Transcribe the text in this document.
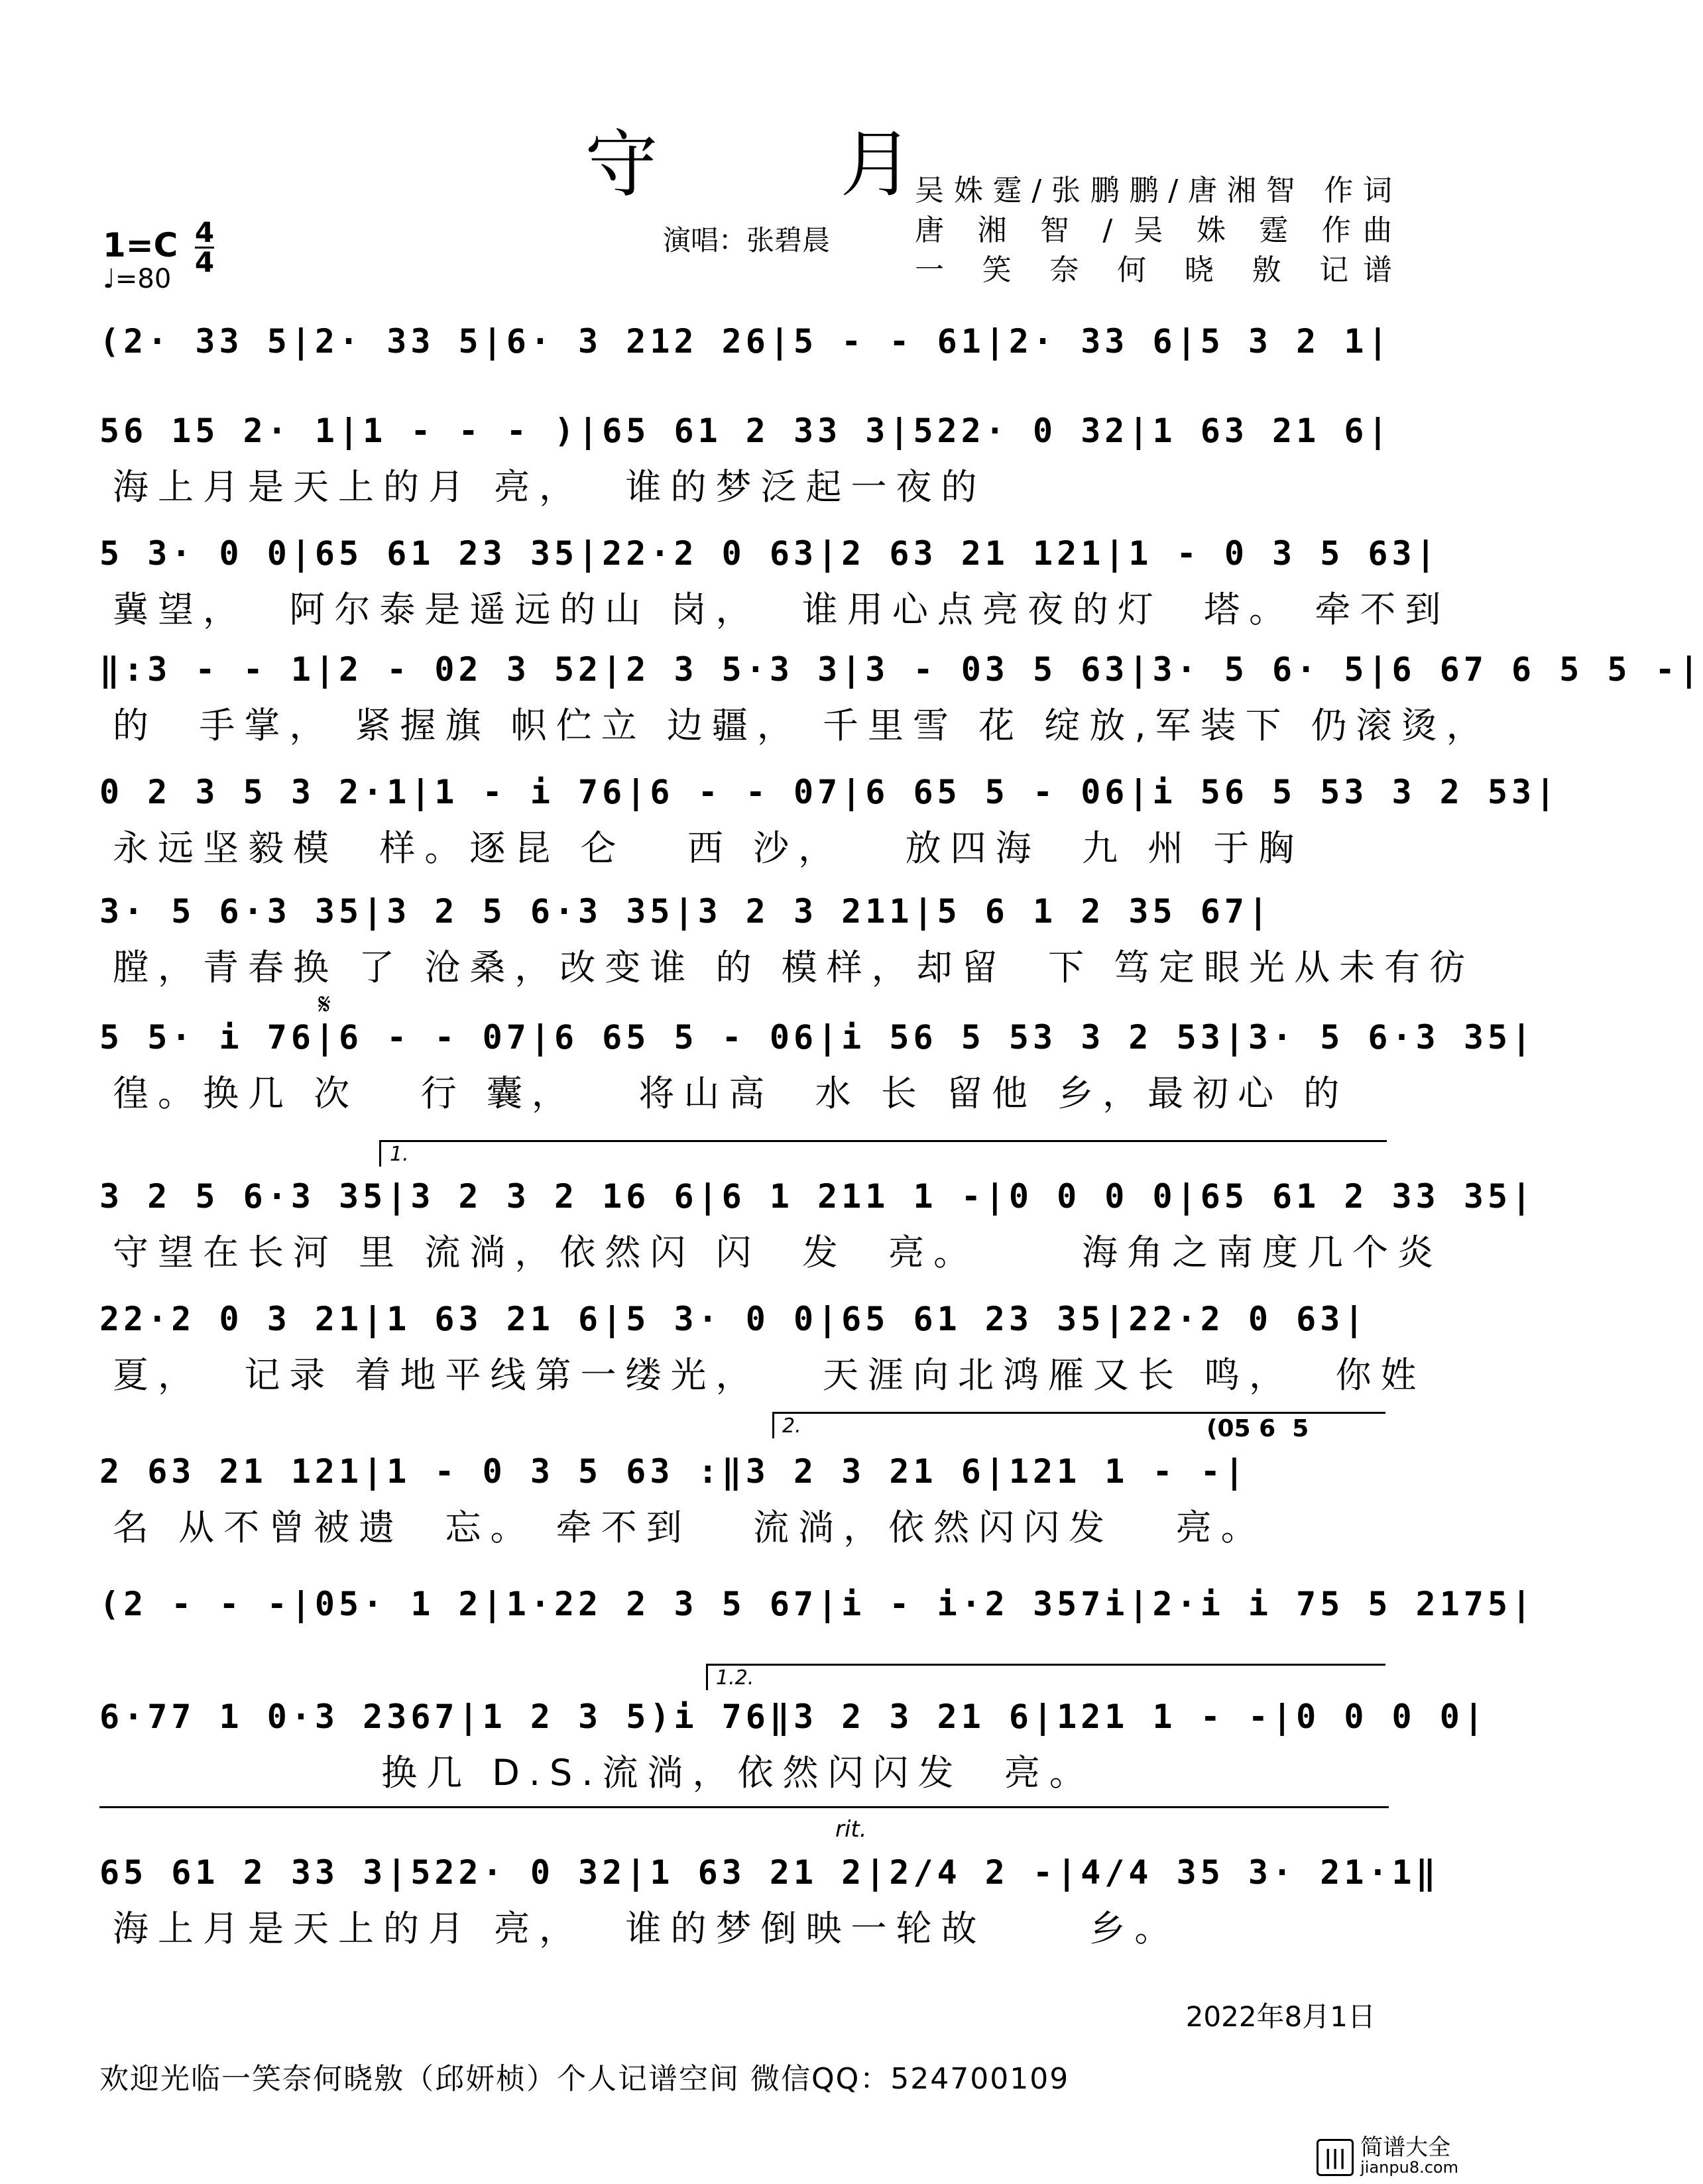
守 月
吴姝霆/张鹏鹏/唐湘智 作词
唐 湘 智 / 吴 姝 霆 作曲
一 笑 奈 何 晓 敫 记谱
$1=C \frac{4}{4}$
♩=80
演唱：张碧晨
(2· 33 5|2· 33 5|6· 3 212 26|5 - - 61|2· 33 6|5 3 2 1|
56 15 2· 1|1 - - - )|65 61 2 33 3|522· 0 32|1 63 21 6|
海上月是天上的月 亮，  谁的梦泛起一夜的
5 3· 0 0|65 61 23 35|22·2 0 63|2 63 21 121|1 - 0 3 5 63|
冀望，  阿尔泰是遥远的山 岗，  谁用心点亮夜的灯  塔。 牵不到
‖:3 - - 1|2 - 02 3 52|2 3 5·3 3|3 - 03 5 63|3· 5 6· 5|6 67 6 5 5 -|
的  手掌， 紧握旗 帜伫立 边疆， 千里雪 花 绽放,军装下 仍滚烫，
0 2 3 5 3 2·1|1 - i 76|6 - - 07|6 65 5 - 06|i 56 5 53 3 2 53|
永远坚毅模  样。逐昆 仑   西 沙，   放四海  九 州 于胸
3· 5 6·3 35|3 2 5 6·3 35|3 2 3 211|5 6 1 2 35 67|
膛，青春换 了 沧桑，改变谁 的 模样，却留  下 笃定眼光从未有彷
𝄋
5 5· i 76|6 - - 07|6 65 5 - 06|i 56 5 53 3 2 53|3· 5 6·3 35|
徨。换几 次   行 囊，   将山高  水 长 留他 乡，最初心 的
1.
3 2 5 6·3 35|3 2 3 2 16 6|6 1 211 1 -|0 0 0 0|65 61 2 33 35|
守望在长河 里 流淌，依然闪 闪  发  亮。     海角之南度几个炎
22·2 0 3 21|1 63 21 6|5 3· 0 0|65 61 23 35|22·2 0 63|
夏，  记录 着地平线第一缕光，   天涯向北鸿雁又长 鸣，  你姓
2.	(05 6  5
2 63 21 121|1 - 0 3 5 63 :‖3 2 3 21 6|121 1 - -|
名 从不曾被遗  忘。 牵不到   流淌，依然闪闪发   亮。
(2 - - -|05· 1 2|1·22 2 3 5 67|i - i·2 357i|2·i i 75 5 2175|
1.2.
6·77 1 0·3 2367|1 2 3 5)i 76‖3 2 3 21 6|121 1 - -|0 0 0 0|
换几 D.S.流淌，依然闪闪发  亮。
rit.
65 61 2 33 3|522· 0 32|1 63 21 2|2/4 2 -|4/4 35 3· 21·1‖
海上月是天上的月 亮，  谁的梦倒映一轮故     乡。
2022年8月1日
欢迎光临一笑奈何晓敫（邱妍桢）个人记谱空间 微信QQ：524700109
||| 简谱大全
jianpu8.com
